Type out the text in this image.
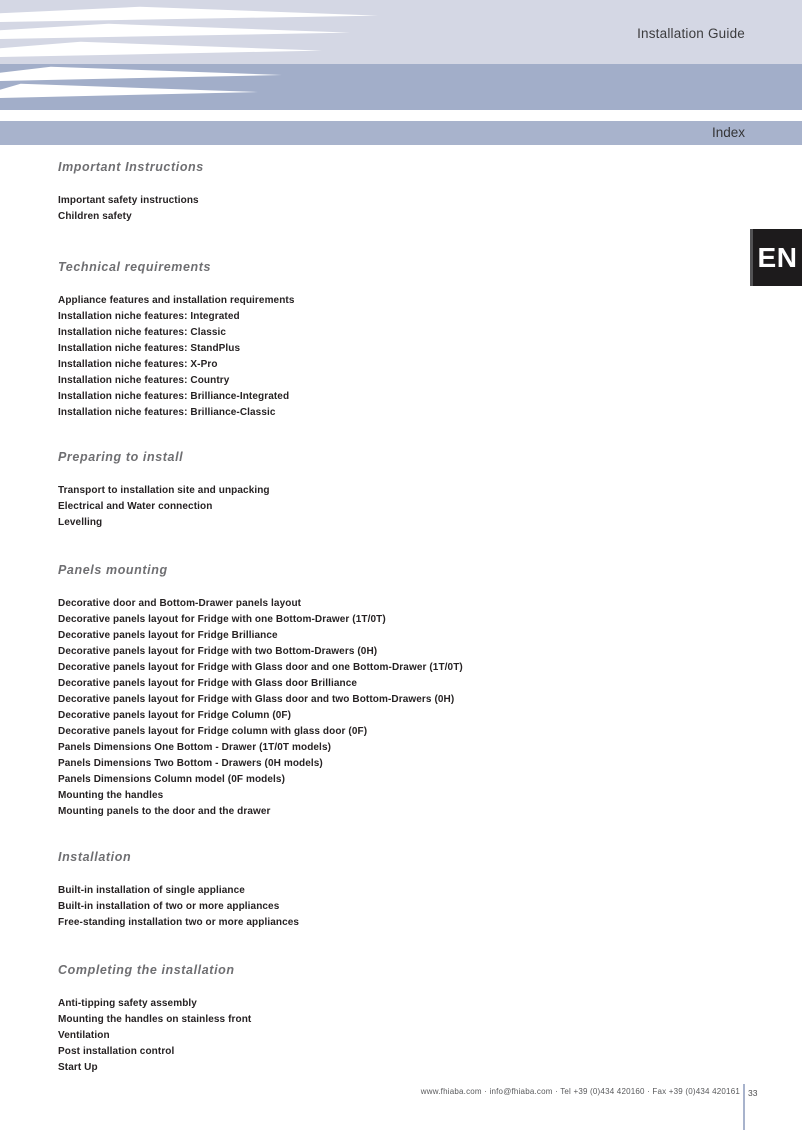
Installation Guide
Index
EN
Important Instructions
Important safety instructions
Children safety
Technical requirements
Appliance features and installation requirements
Installation niche features: Integrated
Installation niche features: Classic
Installation niche features: StandPlus
Installation niche features: X-Pro
Installation niche features: Country
Installation niche features: Brilliance-Integrated
Installation niche features: Brilliance-Classic
Preparing to install
Transport to installation site and unpacking
Electrical and Water connection
Levelling
Panels mounting
Decorative door and Bottom-Drawer panels layout
Decorative panels layout for Fridge with one Bottom-Drawer (1T/0T)
Decorative panels layout for Fridge Brilliance
Decorative panels layout for Fridge with two Bottom-Drawers (0H)
Decorative panels layout for Fridge with Glass door and one Bottom-Drawer (1T/0T)
Decorative panels layout for Fridge with Glass door Brilliance
Decorative panels layout for Fridge with Glass door and two Bottom-Drawers (0H)
Decorative panels layout for Fridge Column (0F)
Decorative panels layout for Fridge column with glass door (0F)
Panels Dimensions One Bottom - Drawer (1T/0T models)
Panels Dimensions Two Bottom - Drawers (0H models)
Panels Dimensions Column model (0F models)
Mounting the handles
Mounting panels to the door and the drawer
Installation
Built-in installation of single appliance
Built-in installation of two or more appliances
Free-standing installation two or more appliances
Completing the installation
Anti-tipping safety assembly
Mounting the handles on stainless front
Ventilation
Post installation control
Start Up
www.fhiaba.com · info@fhiaba.com · Tel +39 (0)434 420160 · Fax +39 (0)434 420161 33
